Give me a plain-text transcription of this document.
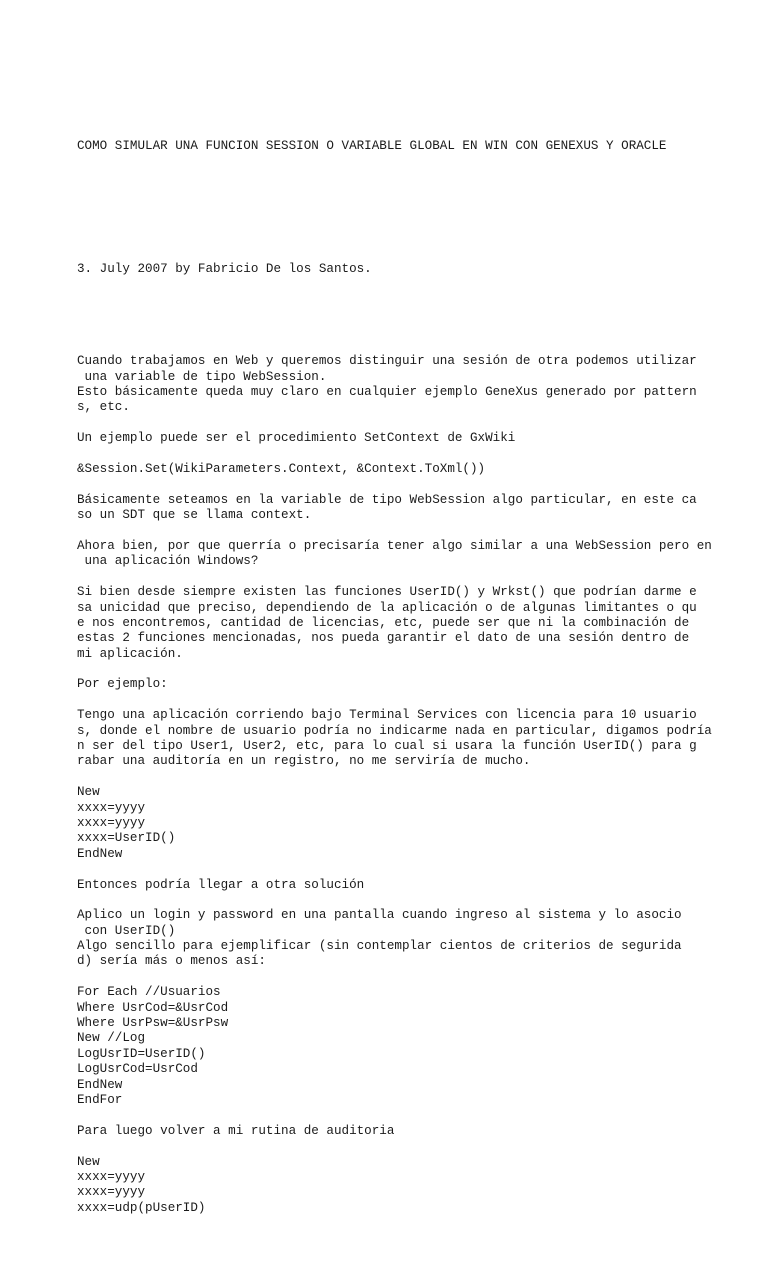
COMO SIMULAR UNA FUNCION SESSION O VARIABLE GLOBAL EN WIN CON GENEXUS Y ORACLE

3. July 2007 by Fabricio De los Santos.

Cuando trabajamos en Web y queremos distinguir una sesión de otra podemos utilizar
una variable de tipo WebSession.
Esto básicamente queda muy claro en cualquier ejemplo GeneXus generado por pattern
s, etc.
Un ejemplo puede ser el procedimiento SetContext de GxWiki
&Session.Set(WikiParameters.Context, &Context.ToXml())
Básicamente seteamos en la variable de tipo WebSession algo particular, en este ca
so un SDT que se llama context.
Ahora bien, por que querría o precisaría tener algo similar a una WebSession pero en
una aplicación Windows?
Si bien desde siempre existen las funciones UserID() y Wrkst() que podrían darme e
sa unicidad que preciso, dependiendo de la aplicación o de algunas limitantes o qu
e nos encontremos, cantidad de licencias, etc, puede ser que ni la combinación de
estas 2 funciones mencionadas, nos pueda garantir el dato de una sesión dentro de
mi aplicación.
Por ejemplo:
Tengo una aplicación corriendo bajo Terminal Services con licencia para 10 usuario
s, donde el nombre de usuario podría no indicarme nada en particular, digamos podría
n ser del tipo User1, User2, etc, para lo cual si usara la función UserID() para g
rabar una auditoría en un registro, no me serviría de mucho.
New
xxxx=yyyy
xxxx=yyyy
xxxx=UserID()
EndNew
Entonces podría llegar a otra solución
Aplico un login y password en una pantalla cuando ingreso al sistema y lo asocio
con UserID()
Algo sencillo para ejemplificar (sin contemplar cientos de criterios de segurida
d) sería más o menos así:
For Each //Usuarios
Where UsrCod=&UsrCod
Where UsrPsw=&UsrPsw
New //Log
LogUsrID=UserID()
LogUsrCod=UsrCod
EndNew
EndFor
Para luego volver a mi rutina de auditoria
New
xxxx=yyyy
xxxx=yyyy
xxxx=udp(pUserID)
